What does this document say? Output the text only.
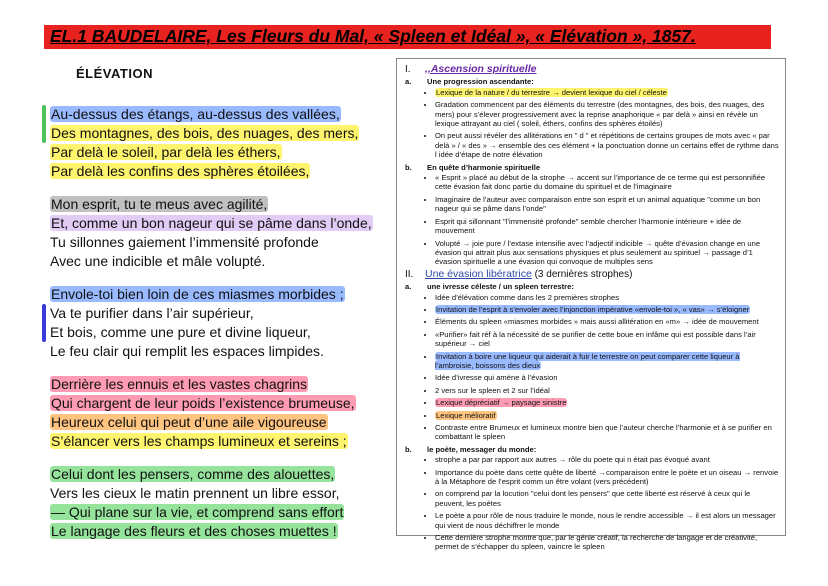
EL.1 BAUDELAIRE, Les Fleurs du Mal, « Spleen et Idéal », « Elévation », 1857.
ÉLÉVATION
Au-dessus des étangs, au-dessus des vallées,
Des montagnes, des bois, des nuages, des mers,
Par delà le soleil, par delà les éthers,
Par delà les confins des sphères étoilées,
Mon esprit, tu te meus avec agilité,
Et, comme un bon nageur qui se pâme dans l’onde,
Tu sillonnes gaiement l’immensité profonde
Avec une indicible et mâle volupté.
Envole-toi bien loin de ces miasmes morbides ;
Va te purifier dans l’air supérieur,
Et bois, comme une pure et divine liqueur,
Le feu clair qui remplit les espaces limpides.
Derrière les ennuis et les vastes chagrins
Qui chargent de leur poids l’existence brumeuse,
Heureux celui qui peut d’une aile vigoureuse
S’élancer vers les champs lumineux et sereins ;
Celui dont les pensers, comme des alouettes,
Vers les cieux le matin prennent un libre essor,
— Qui plane sur la vie, et comprend sans effort
Le langage des fleurs et des choses muettes !
I.	,,Ascension spirituelle
a.	Une progression ascendante:
• Lexique de la nature / du terrestre → devient lexique du ciel / céleste
• Gradation commencent par des éléments du terrestre (des montagnes, des bois, des nuages, des mers) pour s’élever progressivement avec la reprise anaphorique « par delà » ainsi en révèle un lexique attrayant au ciel ( soleil, éthers, confins des sphères étoilés)
• On peut aussi révéler des allitérations en " d " et répétitions de certains groupes de mots avec « par delà » / « des » → ensemble des ces élément + la ponctuation donne un certains effet de rythme dans l idée d’étape de notre élévation
b.	En quête d’harmonie spirituelle
• « Esprit » placé au début de la strophe → accent sur l’importance de ce terme qui est personnifiée cette évasion fait donc partie du domaine du spirituel et de l’imaginaire
• Imaginaire de l’auteur avec comparaison entre son esprit et un animal aquatique "comme un bon nageur qui se pâme dans l’onde"
• Esprit qui sillonnant "l’immensité profonde" semble chercher l’harmonie intérieure + idée de mouvement
• Volupté → joie pure / l’extase intensifie avec l’adjectif indicible → quête d’évasion change en une évasion qui attrait plus aux sensations physiques et plus seulement au spirituel → passage d’1 évasion spirituelle a une évasion qui convoque de multiples sens
II.	Une évasion libératrice
(3 dernières strophes)
a.	une ivresse céleste / un spleen terrestre:
• Idée d’élévation comme dans les 2 premières strophes
• Invitation de l’esprit à s’envoler avec l’injonction impérative «envole-toi », « vas» → s’éloigner
• Éléments du spleen «miasmes morbides » mais aussi allitération en «m» → idée de mouvement
• «Purifier» fait réf à la nécessité de se purifier de cette boue en infâme qui est possible dans l’air supérieur → ciel
• Invitation à boire une liqueur qui aiderait à fuir le terrestre on peut comparer cette liqueur à l’ambroisie, boissons des dieux
• Idée d’ivresse qui amène à l’évasion
• 2 vers sur le spleen et 2 sur l’idéal
• Lexique dépréciatif → paysage sinistre
• Lexique mélioratif
• Contraste entre Brumeux et lumineux montre bien que l’auteur cherche l’harmonie et à se purifier en combattant le spleen
b.	le poète, messager du monde:
• strophe a par par rapport aux autres → rôle du poete qui n était pas évoqué avant
• Importance du poète dans cette quête de liberté →comparaison entre le poète et un oiseau → renvoie à la Métaphore de l’esprit comm un être volant (vers précédent)
• on comprend par la locution "celui dont les pensers" que cette liberté est réservé à ceux qui le peuvent, les poètes
• Le poète a pour rôle de nous traduire le monde, nous le rendre accessible → il est alors un messager qui vient de nous déchiffrer le monde
• Cette dernière strophe montre que, par le génie créatif, la recherche de langage et de créativité, permet de s’échapper du spleen, vaincre le spleen
